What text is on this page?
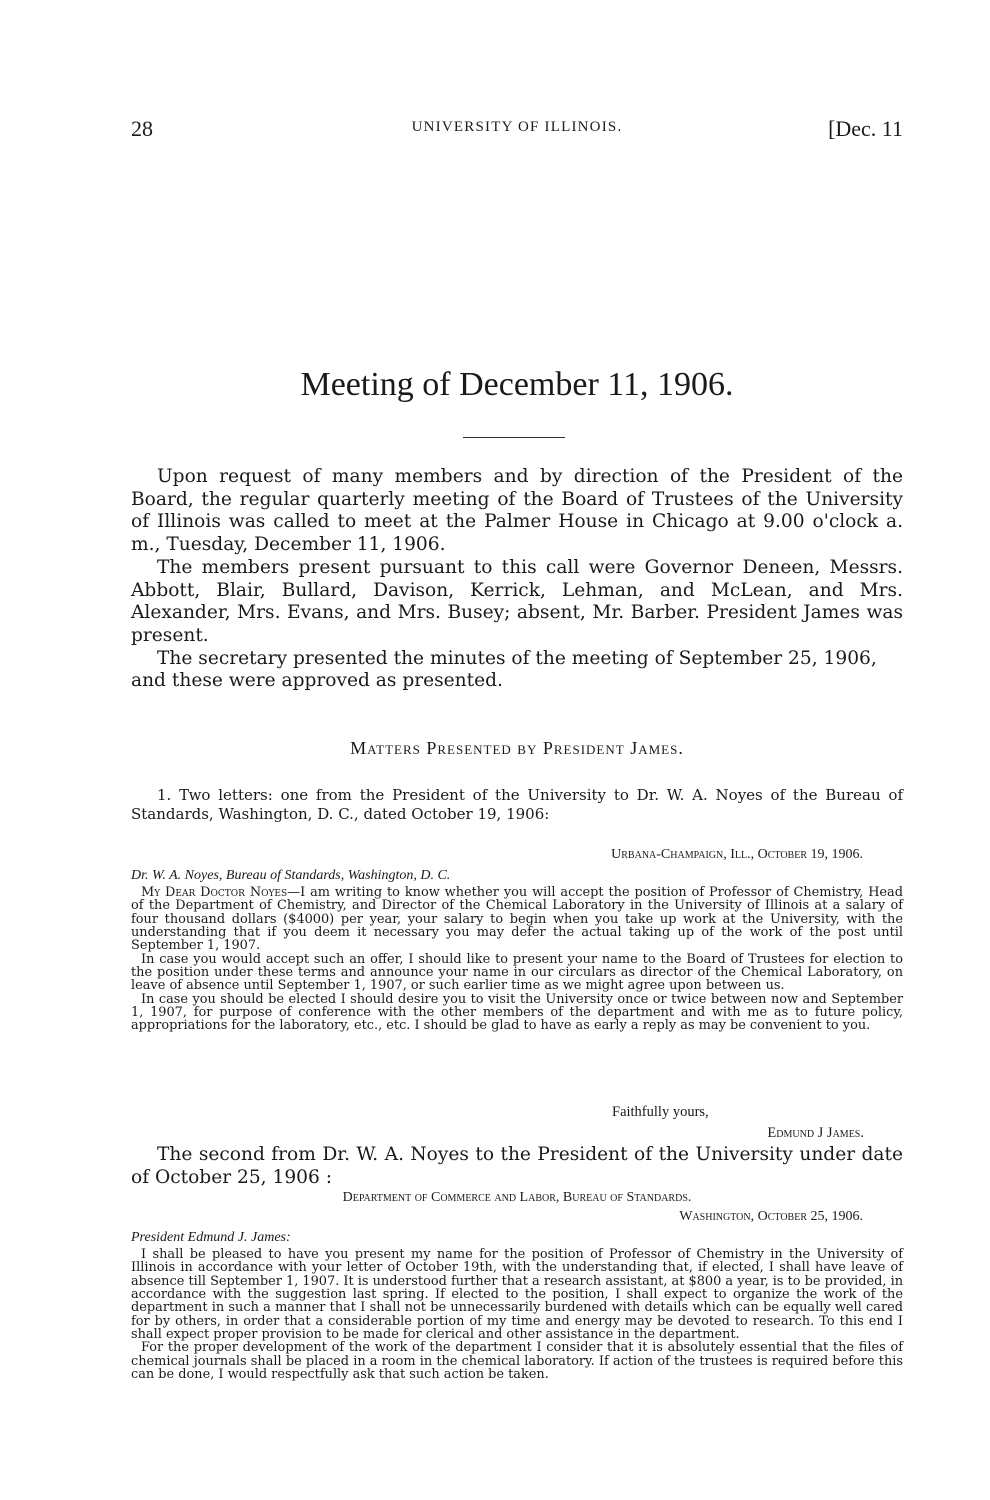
28	UNIVERSITY OF ILLINOIS.	[Dec. 11
Meeting of December 11, 1906.

Upon request of many members and by direction of the President of the Board, the regular quarterly meeting of the Board of Trustees of the University of Illinois was called to meet at the Palmer House in Chicago at 9.00 o'clock a. m., Tuesday, December 11, 1906.

The members present pursuant to this call were Governor Deneen, Messrs. Abbott, Blair, Bullard, Davison, Kerrick, Lehman, and McLean, and Mrs. Alexander, Mrs. Evans, and Mrs. Busey; absent, Mr. Barber. President James was present.

The secretary presented the minutes of the meeting of September 25, 1906, and these were approved as presented.

Matters Presented by President James.

1. Two letters: one from the President of the University to Dr. W. A. Noyes of the Bureau of Standards, Washington, D. C., dated October 19, 1906:

Urbana-Champaign, Ill., October 19, 1906.
Dr. W. A. Noyes, Bureau of Standards, Washington, D. C.

My Dear Doctor Noyes—I am writing to know whether you will accept the position of Professor of Chemistry, Head of the Department of Chemistry, and Director of the Chemical Laboratory in the University of Illinois at a salary of four thousand dollars ($4000) per year, your salary to begin when you take up work at the University, with the understanding that if you deem it necessary you may defer the actual taking up of the work of the post until September 1, 1907.

In case you would accept such an offer, I should like to present your name to the Board of Trustees for election to the position under these terms and announce your name in our circulars as director of the Chemical Laboratory, on leave of absence until September 1, 1907, or such earlier time as we might agree upon between us.

In case you should be elected I should desire you to visit the University once or twice between now and September 1, 1907, for purpose of conference with the other members of the department and with me as to future policy, appropriations for the laboratory, etc., etc. I should be glad to have as early a reply as may be convenient to you.

Faithfully yours,
Edmund J James.

The second from Dr. W. A. Noyes to the President of the University under date of October 25, 1906 :

Department of Commerce and Labor, Bureau of Standards.
Washington, October 25, 1906.
President Edmund J. James:

I shall be pleased to have you present my name for the position of Professor of Chemistry in the University of Illinois in accordance with your letter of October 19th, with the understanding that, if elected, I shall have leave of absence till September 1, 1907. It is understood further that a research assistant, at $800 a year, is to be provided, in accordance with the suggestion last spring. If elected to the position, I shall expect to organize the work of the department in such a manner that I shall not be unnecessarily burdened with details which can be equally well cared for by others, in order that a considerable portion of my time and energy may be devoted to research. To this end I shall expect proper provision to be made for clerical and other assistance in the department.

For the proper development of the work of the department I consider that it is absolutely essential that the files of chemical journals shall be placed in a room in the chemical laboratory. If action of the trustees is required before this can be done, I would respectfully ask that such action be taken.
